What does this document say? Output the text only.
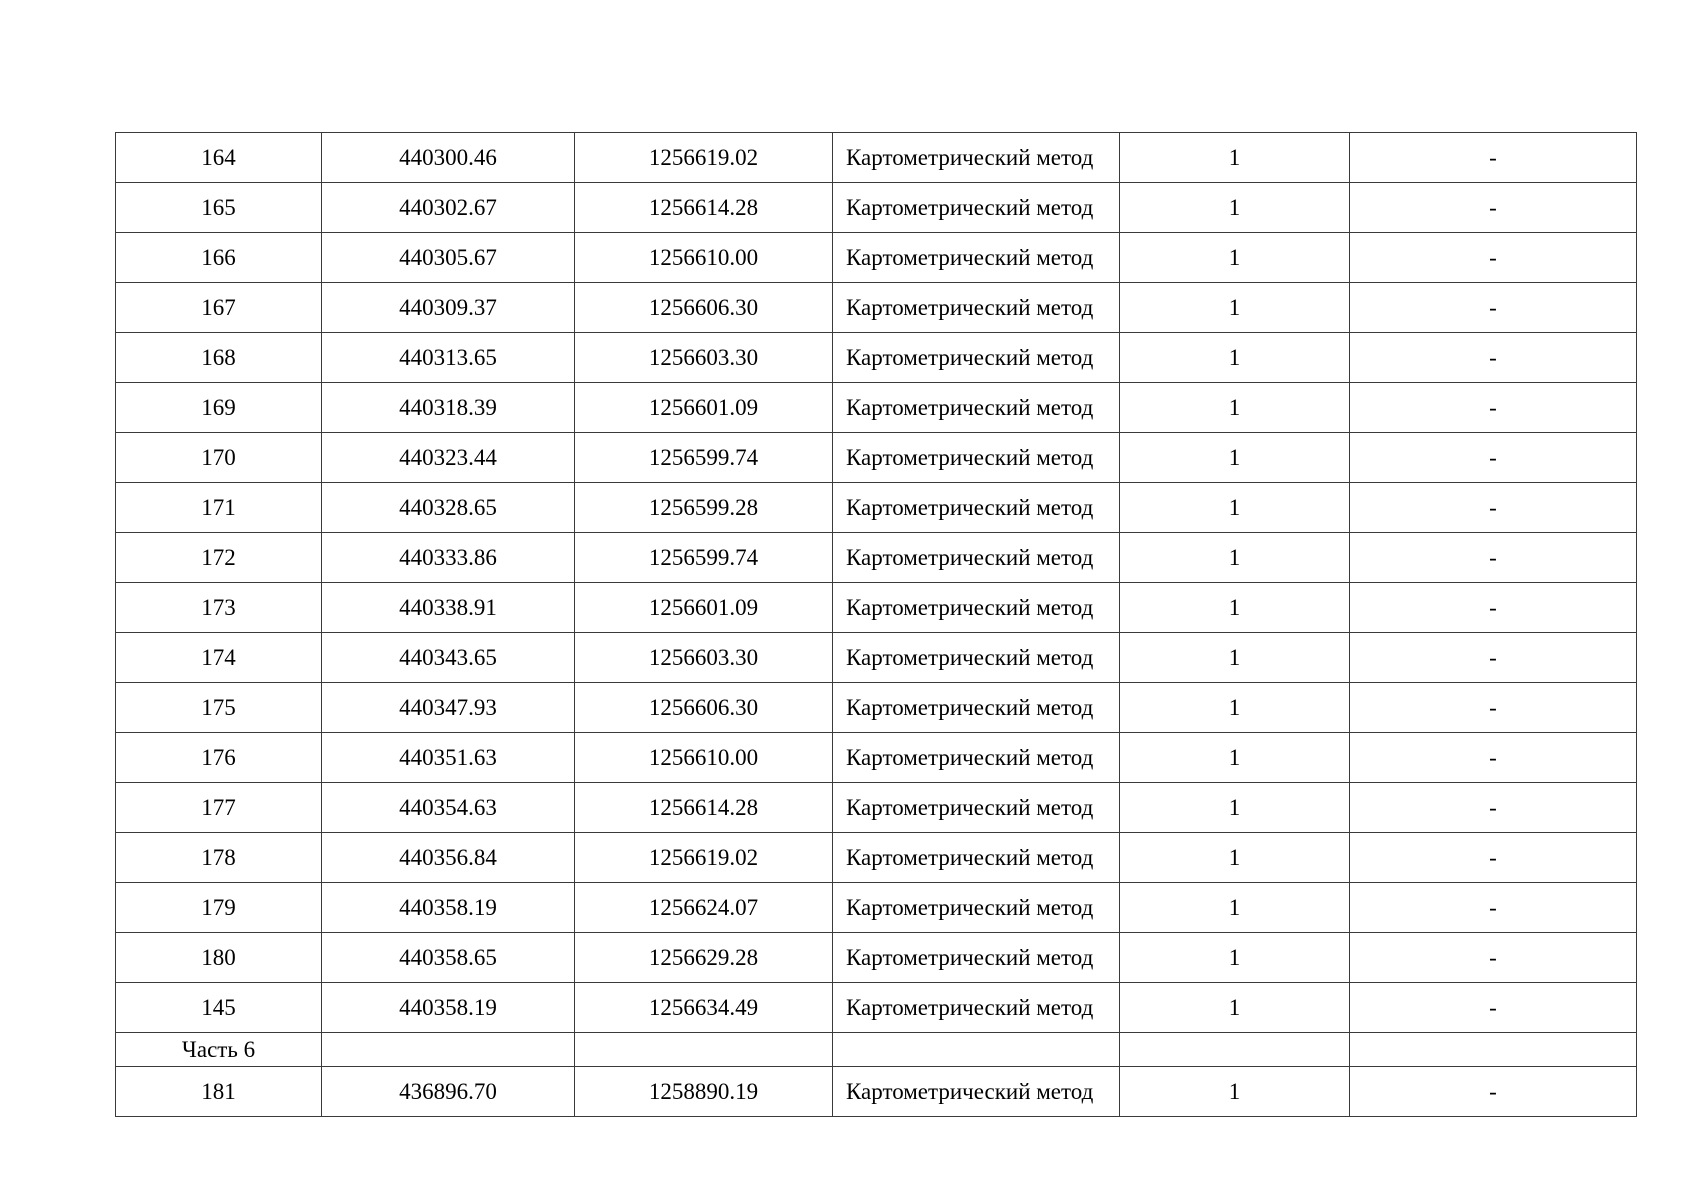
164	440300.46	1256619.02	Картометрический метод	1	-
165	440302.67	1256614.28	Картометрический метод	1	-
166	440305.67	1256610.00	Картометрический метод	1	-
167	440309.37	1256606.30	Картометрический метод	1	-
168	440313.65	1256603.30	Картометрический метод	1	-
169	440318.39	1256601.09	Картометрический метод	1	-
170	440323.44	1256599.74	Картометрический метод	1	-
171	440328.65	1256599.28	Картометрический метод	1	-
172	440333.86	1256599.74	Картометрический метод	1	-
173	440338.91	1256601.09	Картометрический метод	1	-
174	440343.65	1256603.30	Картометрический метод	1	-
175	440347.93	1256606.30	Картометрический метод	1	-
176	440351.63	1256610.00	Картометрический метод	1	-
177	440354.63	1256614.28	Картометрический метод	1	-
178	440356.84	1256619.02	Картометрический метод	1	-
179	440358.19	1256624.07	Картометрический метод	1	-
180	440358.65	1256629.28	Картометрический метод	1	-
145	440358.19	1256634.49	Картометрический метод	1	-
Часть 6					
181	436896.70	1258890.19	Картометрический метод	1	-
